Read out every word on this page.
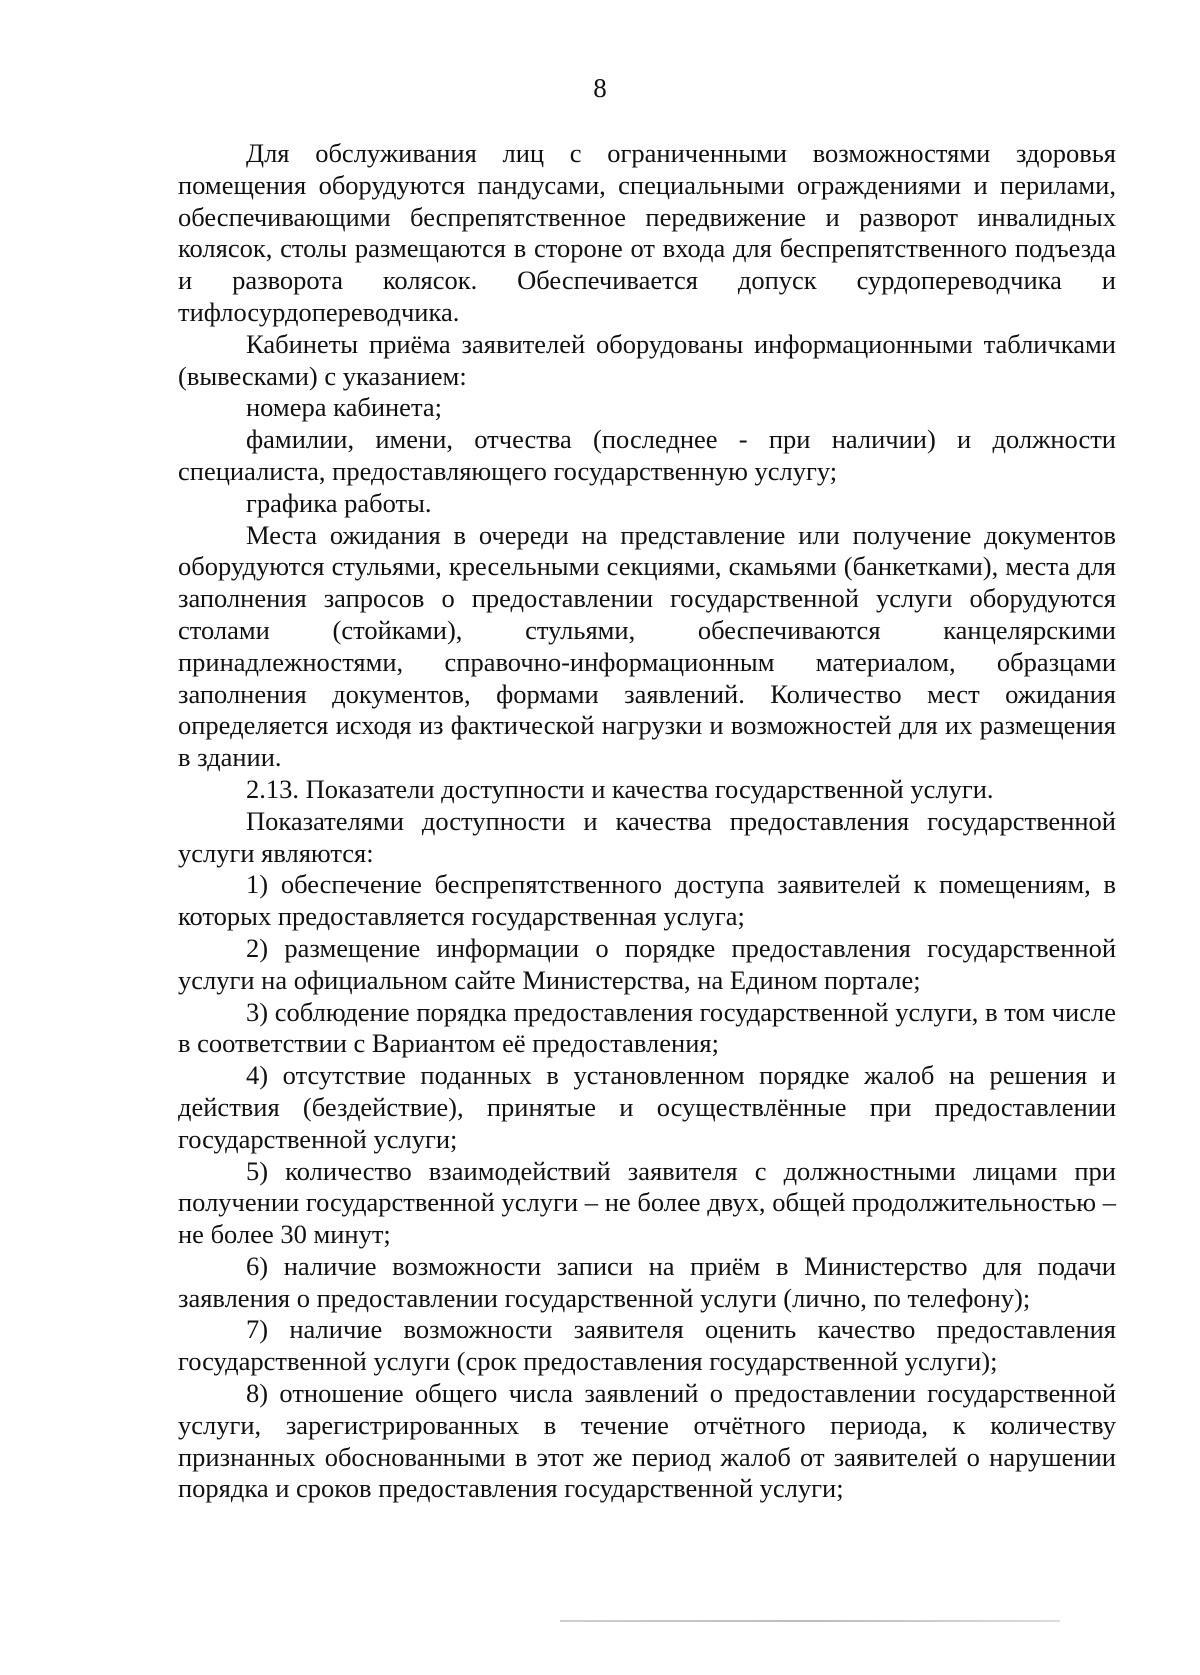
8

Для обслуживания лиц с ограниченными возможностями здоровья помещения оборудуются пандусами, специальными ограждениями и перилами, обеспечивающими беспрепятственное передвижение и разворот инвалидных колясок, столы размещаются в стороне от входа для беспрепятственного подъезда и разворота колясок. Обеспечивается допуск сурдопереводчика и тифлосурдопереводчика.

Кабинеты приёма заявителей оборудованы информационными табличками (вывесками) с указанием:

номера кабинета;

фамилии, имени, отчества (последнее - при наличии) и должности специалиста, предоставляющего государственную услугу;

графика работы.

Места ожидания в очереди на представление или получение документов оборудуются стульями, кресельными секциями, скамьями (банкетками), места для заполнения запросов о предоставлении государственной услуги оборудуются столами (стойками), стульями, обеспечиваются канцелярскими принадлежностями, справочно-информационным материалом, образцами заполнения документов, формами заявлений. Количество мест ожидания определяется исходя из фактической нагрузки и возможностей для их размещения в здании.

2.13. Показатели доступности и качества государственной услуги.

Показателями доступности и качества предоставления государственной услуги являются:

1) обеспечение беспрепятственного доступа заявителей к помещениям, в которых предоставляется государственная услуга;

2) размещение информации о порядке предоставления государственной услуги на официальном сайте Министерства, на Едином портале;

3) соблюдение порядка предоставления государственной услуги, в том числе в соответствии с Вариантом её предоставления;

4) отсутствие поданных в установленном порядке жалоб на решения и действия (бездействие), принятые и осуществлённые при предоставлении государственной услуги;

5) количество взаимодействий заявителя с должностными лицами при получении государственной услуги – не более двух, общей продолжительностью – не более 30 минут;

6) наличие возможности записи на приём в Министерство для подачи заявления о предоставлении государственной услуги (лично, по телефону);

7) наличие возможности заявителя оценить качество предоставления государственной услуги (срок предоставления государственной услуги);

8) отношение общего числа заявлений о предоставлении государственной услуги, зарегистрированных в течение отчётного периода, к количеству признанных обоснованными в этот же период жалоб от заявителей о нарушении порядка и сроков предоставления государственной услуги;
